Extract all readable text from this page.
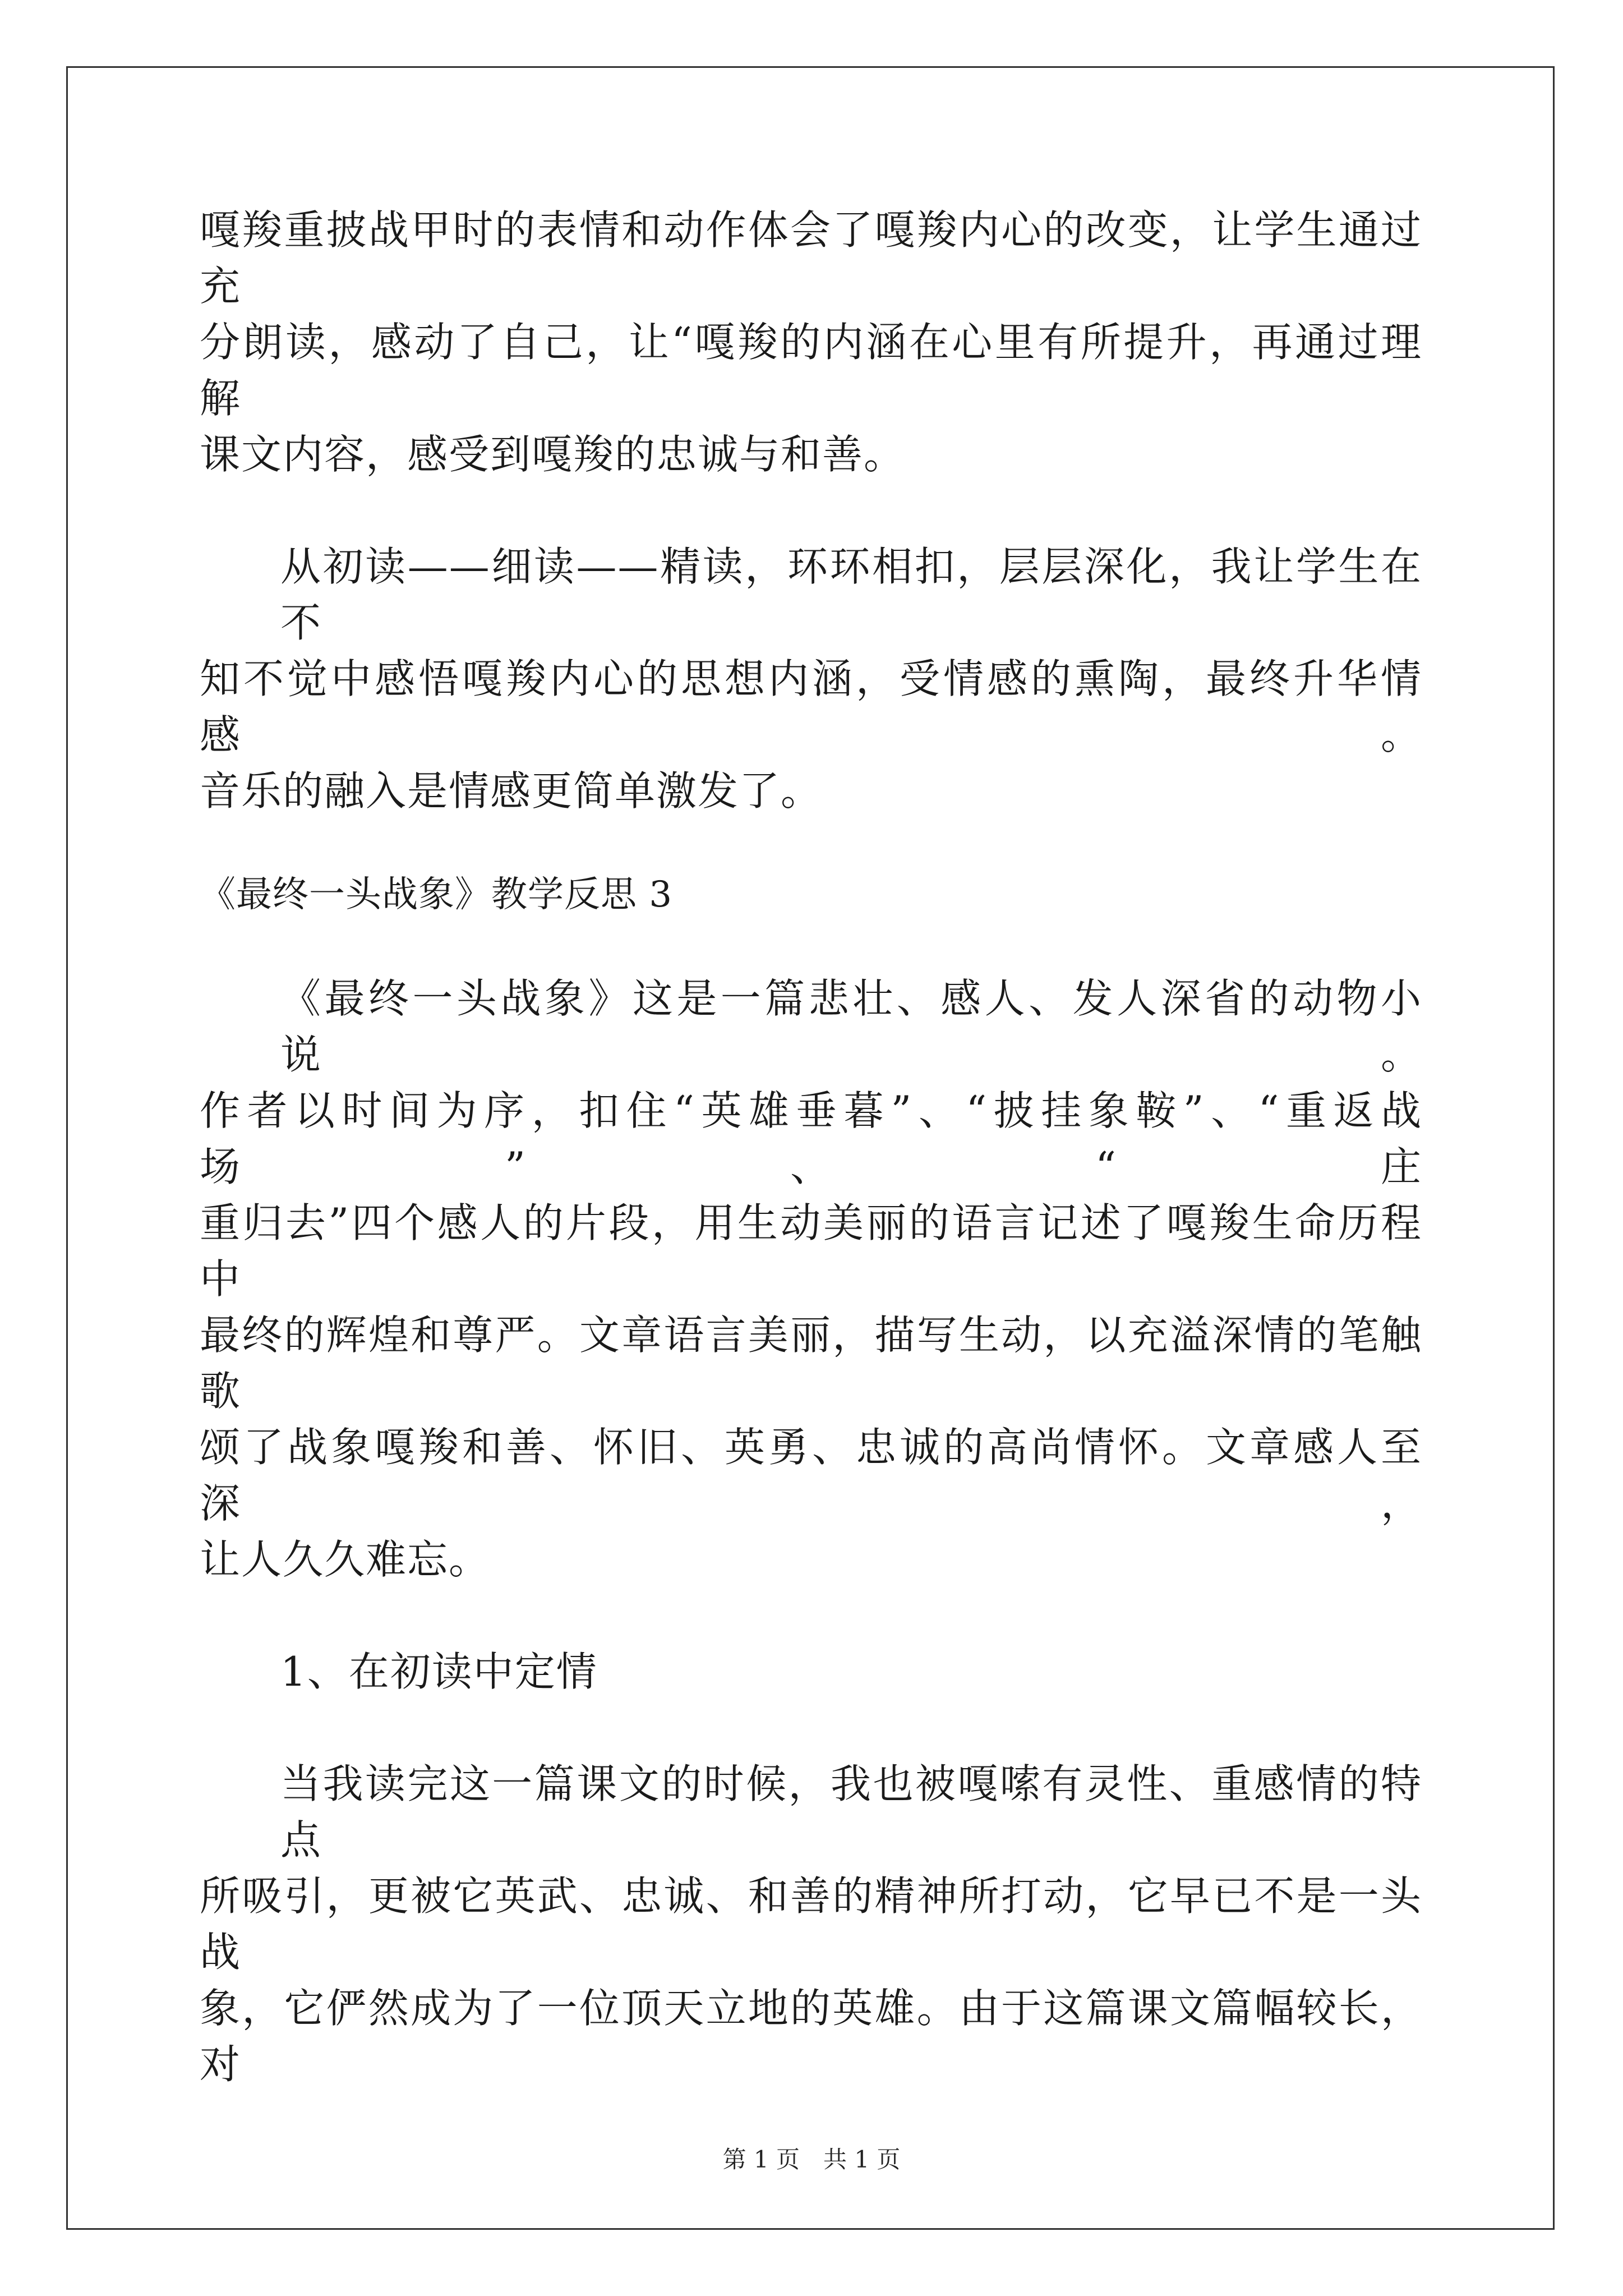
嘎羧重披战甲时的表情和动作体会了嘎羧内心的改变，让学生通过充
分朗读，感动了自己，让“嘎羧的内涵在心里有所提升，再通过理解
课文内容，感受到嘎羧的忠诚与和善。
从初读——细读——精读，环环相扣，层层深化，我让学生在不
知不觉中感悟嘎羧内心的思想内涵，受情感的熏陶，最终升华情感。
音乐的融入是情感更简单激发了。
《最终一头战象》教学反思 3
《最终一头战象》这是一篇悲壮、感人、发人深省的动物小说。
作者以时间为序，扣住“英雄垂暮”、“披挂象鞍”、“重返战场”、“庄
重归去”四个感人的片段，用生动美丽的语言记述了嘎羧生命历程中
最终的辉煌和尊严。文章语言美丽，描写生动，以充溢深情的笔触歌
颂了战象嘎羧和善、怀旧、英勇、忠诚的高尚情怀。文章感人至深，
让人久久难忘。
1、在初读中定情
当我读完这一篇课文的时候，我也被嘎嗦有灵性、重感情的特点
所吸引，更被它英武、忠诚、和善的精神所打动，它早已不是一头战
象，它俨然成为了一位顶天立地的英雄。由于这篇课文篇幅较长，对
第 1 页　共 1 页
